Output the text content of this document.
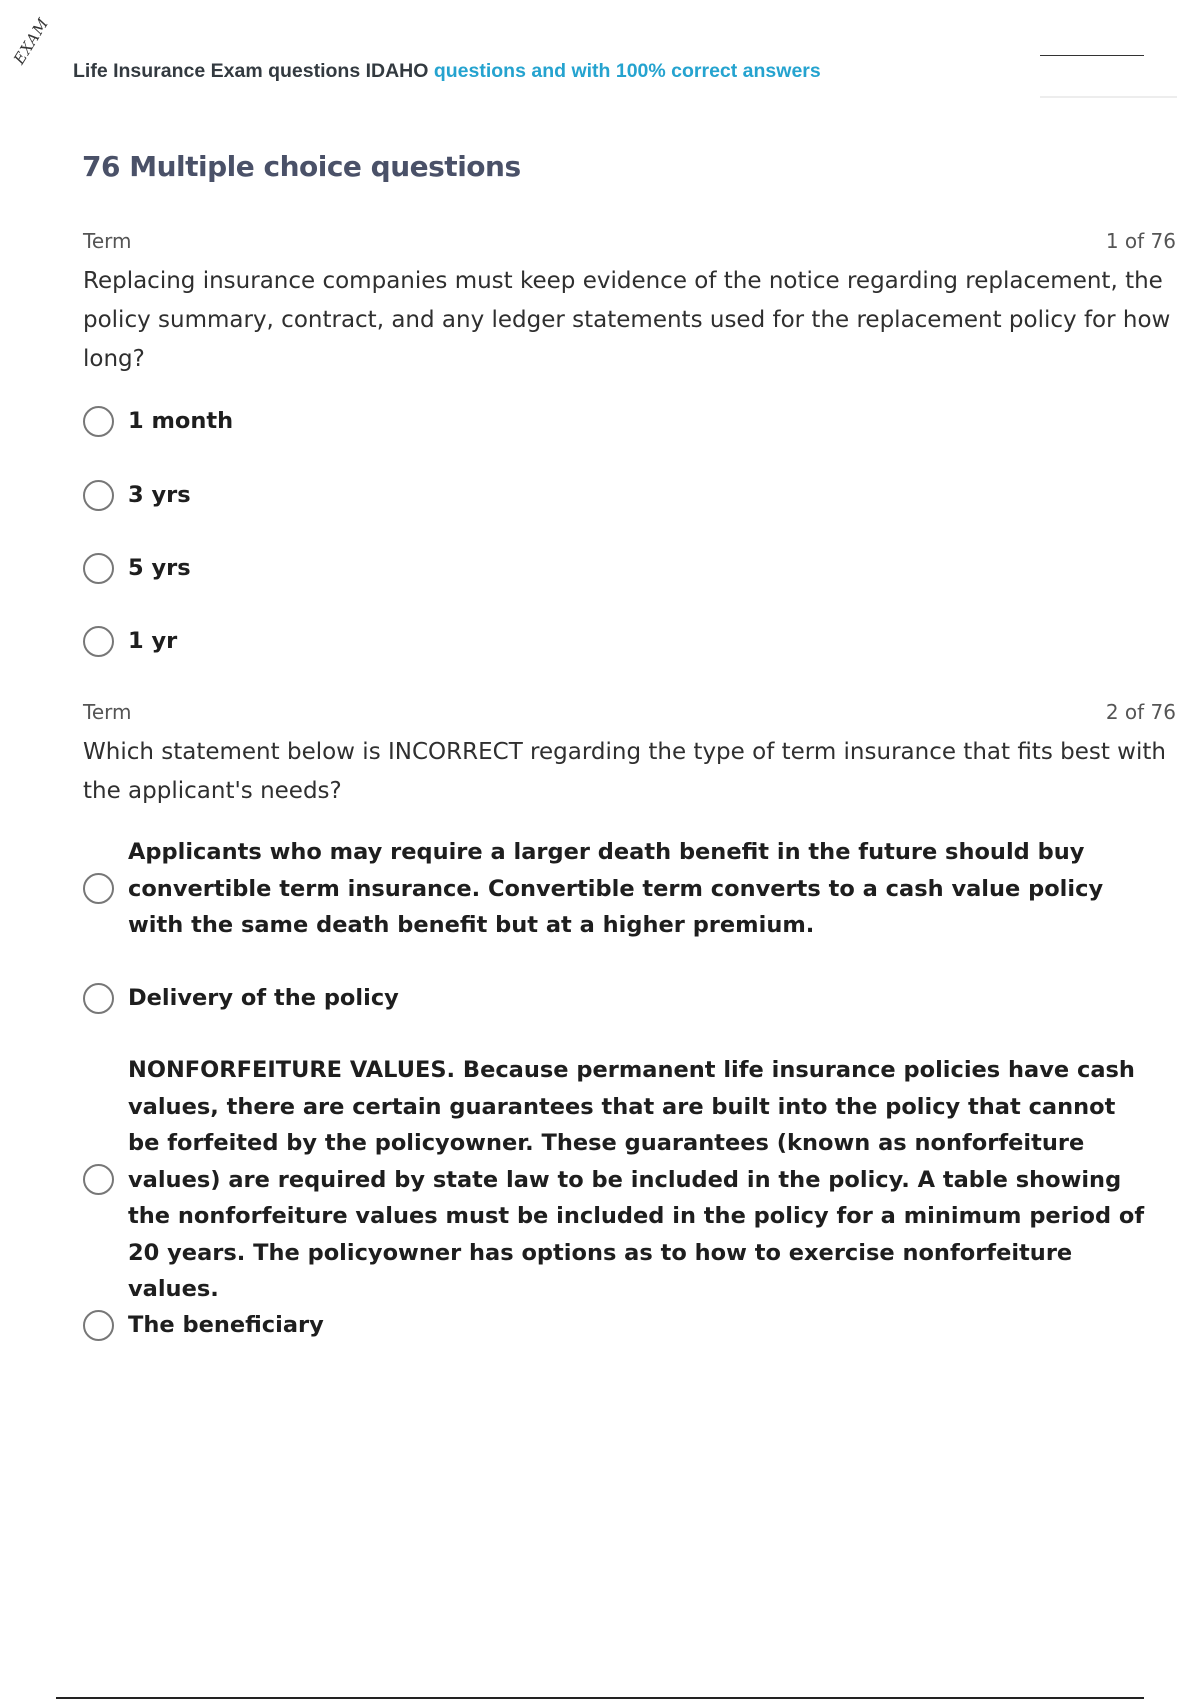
EXAM
Life Insurance Exam questions IDAHO questions and with 100% correct answers
76 Multiple choice questions
Term	1 of 76
Replacing insurance companies must keep evidence of the notice regarding replacement, the policy summary, contract, and any ledger statements used for the replacement policy for how long?
1 month
3 yrs
5 yrs
1 yr
Term	2 of 76
Which statement below is INCORRECT regarding the type of term insurance that fits best with the applicant's needs?
Applicants who may require a larger death benefit in the future should buy convertible term insurance. Convertible term converts to a cash value policy with the same death benefit but at a higher premium.
Delivery of the policy
NONFORFEITURE VALUES. Because permanent life insurance policies have cash values, there are certain guarantees that are built into the policy that cannot be forfeited by the policyowner. These guarantees (known as nonforfeiture values) are required by state law to be included in the policy. A table showing the nonforfeiture values must be included in the policy for a minimum period of 20 years. The policyowner has options as to how to exercise nonforfeiture values.
The beneficiary
